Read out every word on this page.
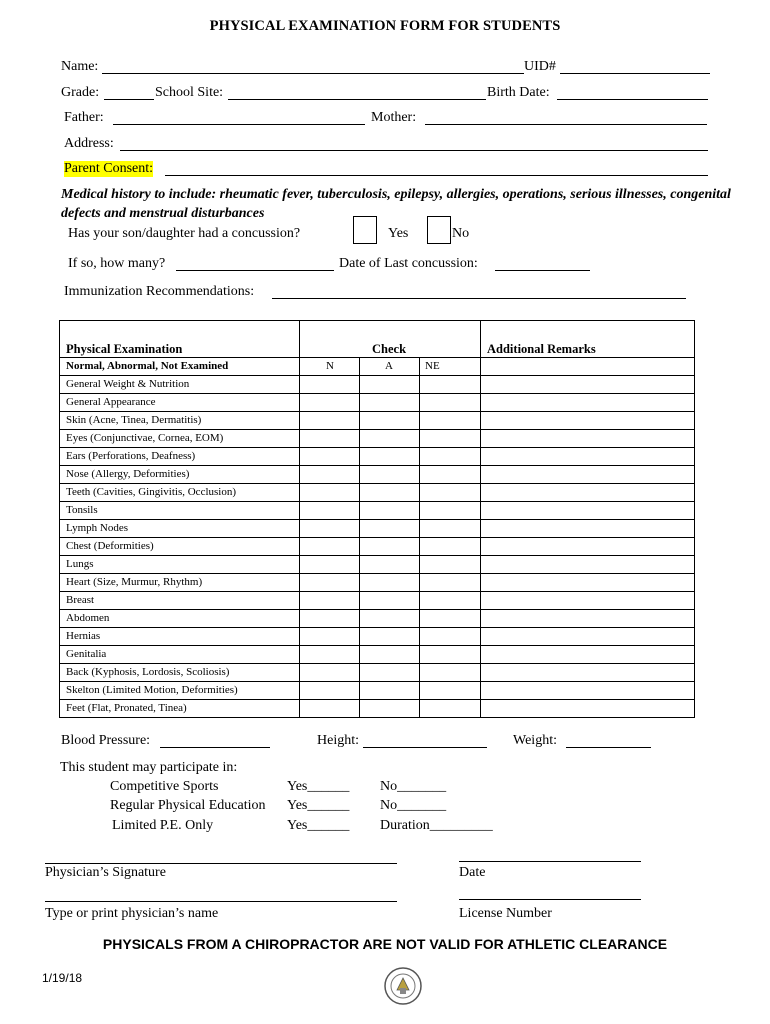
PHYSICAL EXAMINATION FORM FOR STUDENTS
Name:	UID#
Grade:	School Site:	Birth Date:
Father:	Mother:
Address:
Parent Consent:
Medical history to include: rheumatic fever, tuberculosis, epilepsy, allergies, operations, serious illnesses, congenital defects and menstrual disturbances
Has your son/daughter had a concussion?	Yes	No
If so, how many?	Date of Last concussion:
Immunization Recommendations:
Physical Examination	Check	Additional Remarks
Normal, Abnormal, Not Examined	N	A	NE
General Weight & Nutrition
General Appearance
Skin (Acne, Tinea, Dermatitis)
Eyes (Conjunctivae, Cornea, EOM)
Ears (Perforations, Deafness)
Nose (Allergy, Deformities)
Teeth (Cavities, Gingivitis, Occlusion)
Tonsils
Lymph Nodes
Chest (Deformities)
Lungs
Heart (Size, Murmur, Rhythm)
Breast
Abdomen
Hernias
Genitalia
Back (Kyphosis, Lordosis, Scoliosis)
Skelton (Limited Motion, Deformities)
Feet (Flat, Pronated, Tinea)
Blood Pressure:	Height:	Weight:
This student may participate in:
Competitive Sports	Yes______ No_______
Regular Physical Education Yes______ No_______
Limited P.E. Only	Yes______ Duration_________
Physician’s Signature	Date
Type or print physician’s name	License Number
PHYSICALS FROM A CHIROPRACTOR ARE NOT VALID FOR ATHLETIC CLEARANCE
1/19/18
